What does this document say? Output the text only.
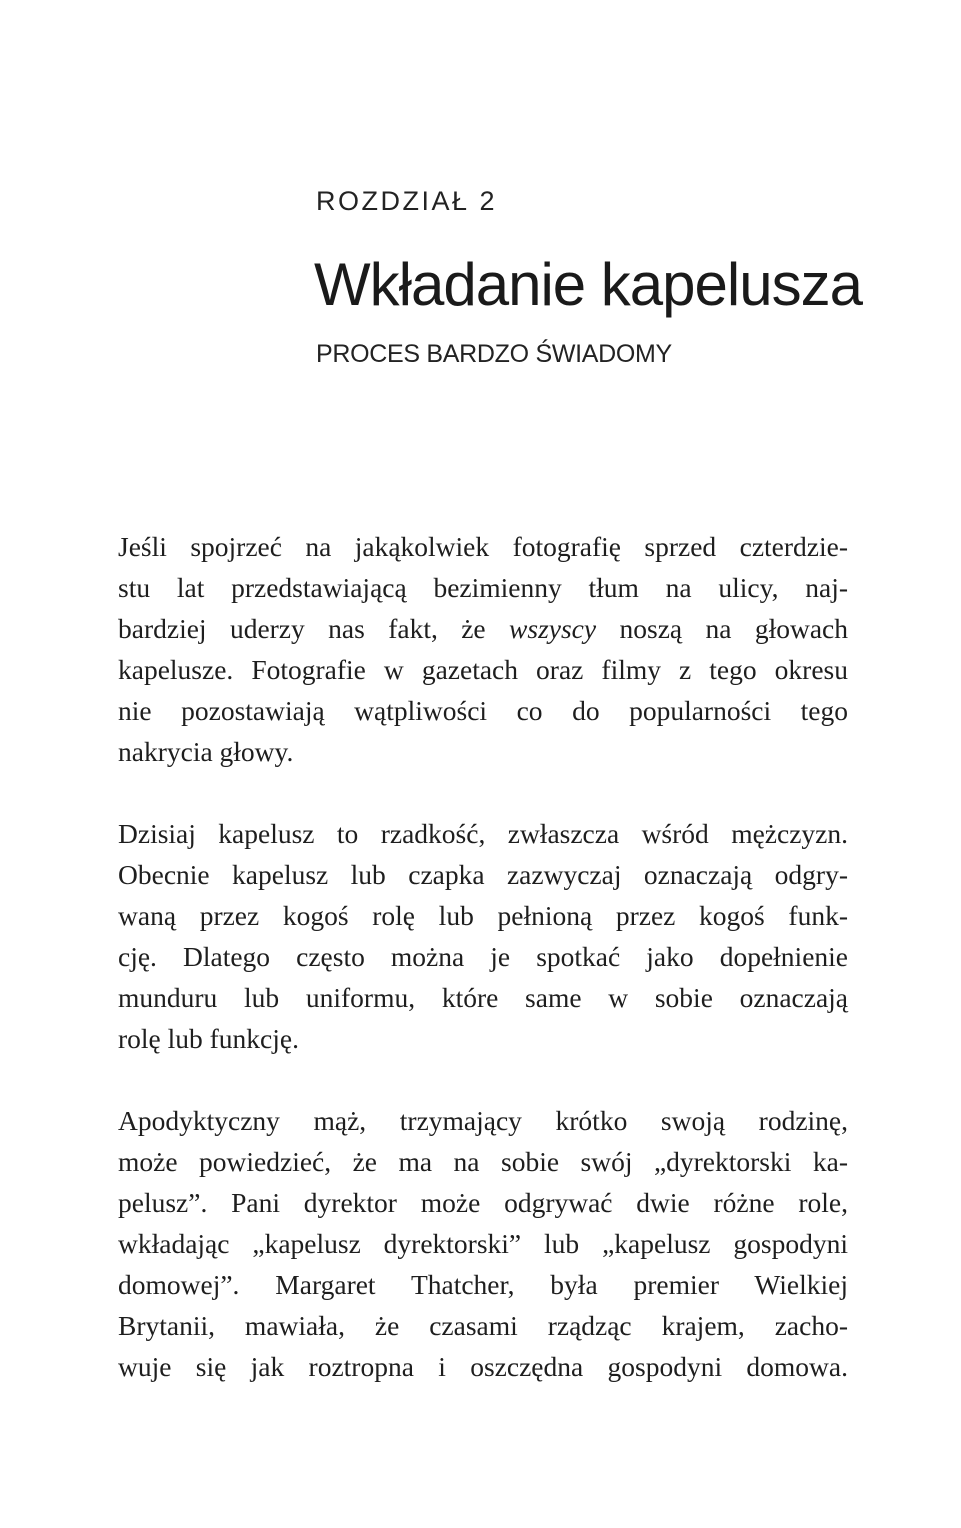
ROZDZIAŁ 2
Wkładanie kapelusza
PROCES BARDZO ŚWIADOMY
Jeśli spojrzeć na jakąkolwiek fotografię sprzed czterdzie-
stu lat przedstawiającą bezimienny tłum na ulicy, naj-
bardziej uderzy nas fakt, że wszyscy noszą na głowach
kapelusze. Fotografie w gazetach oraz filmy z tego okresu
nie pozostawiają wątpliwości co do popularności tego
nakrycia głowy.
Dzisiaj kapelusz to rzadkość, zwłaszcza wśród mężczyzn.
Obecnie kapelusz lub czapka zazwyczaj oznaczają odgry-
waną przez kogoś rolę lub pełnioną przez kogoś funk-
cję. Dlatego często można je spotkać jako dopełnienie
munduru lub uniformu, które same w sobie oznaczają
rolę lub funkcję.
Apodyktyczny mąż, trzymający krótko swoją rodzinę,
może powiedzieć, że ma na sobie swój „dyrektorski ka-
pelusz”. Pani dyrektor może odgrywać dwie różne role,
wkładając „kapelusz dyrektorski” lub „kapelusz gospodyni
domowej”. Margaret Thatcher, była premier Wielkiej
Brytanii, mawiała, że czasami rządząc krajem, zacho-
wuje się jak roztropna i oszczędna gospodyni domowa.
